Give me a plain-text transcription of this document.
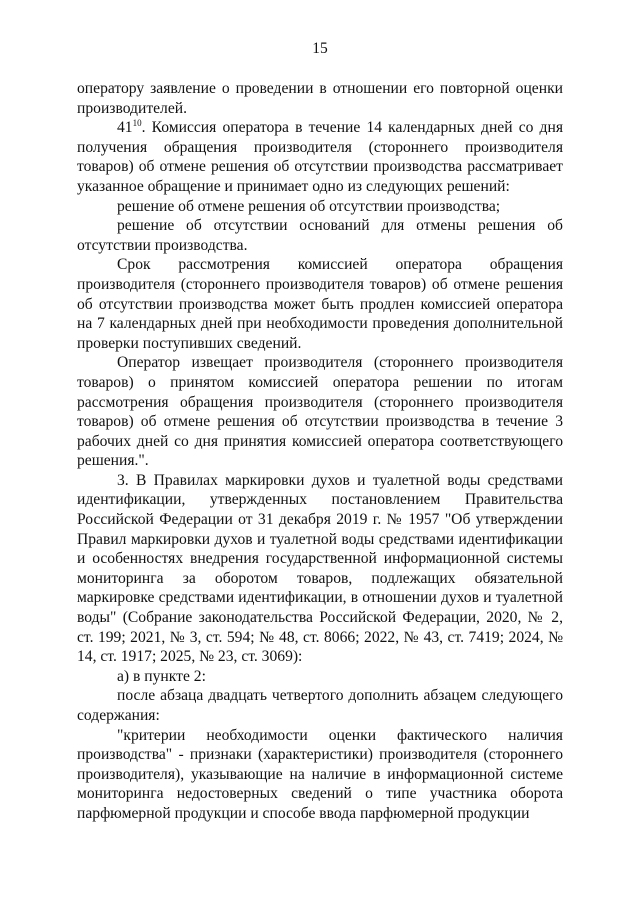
15

оператору заявление о проведении в отношении его повторной оценки производителей.

$41^{10}$. Комиссия оператора в течение 14 календарных дней со дня получения обращения производителя (стороннего производителя товаров) об отмене решения об отсутствии производства рассматривает указанное обращение и принимает одно из следующих решений:

решение об отмене решения об отсутствии производства;

решение об отсутствии оснований для отмены решения об отсутствии производства.

Срок рассмотрения комиссией оператора обращения производителя (стороннего производителя товаров) об отмене решения об отсутствии производства может быть продлен комиссией оператора на 7 календарных дней при необходимости проведения дополнительной проверки поступивших сведений.

Оператор извещает производителя (стороннего производителя товаров) о принятом комиссией оператора решении по итогам рассмотрения обращения производителя (стороннего производителя товаров) об отмене решения об отсутствии производства в течение 3 рабочих дней со дня принятия комиссией оператора соответствующего решения.".

3. В Правилах маркировки духов и туалетной воды средствами идентификации, утвержденных постановлением Правительства Российской Федерации от 31 декабря 2019 г. № 1957 "Об утверждении Правил маркировки духов и туалетной воды средствами идентификации и особенностях внедрения государственной информационной системы мониторинга за оборотом товаров, подлежащих обязательной маркировке средствами идентификации, в отношении духов и туалетной воды" (Собрание законодательства Российской Федерации, 2020, № 2, ст. 199; 2021, № 3, ст. 594; № 48, ст. 8066; 2022, № 43, ст. 7419; 2024, № 14, ст. 1917; 2025, № 23, ст. 3069):

а) в пункте 2:

после абзаца двадцать четвертого дополнить абзацем следующего содержания:

"критерии необходимости оценки фактического наличия производства" - признаки (характеристики) производителя (стороннего производителя), указывающие на наличие в информационной системе мониторинга недостоверных сведений о типе участника оборота парфюмерной продукции и способе ввода парфюмерной продукции
